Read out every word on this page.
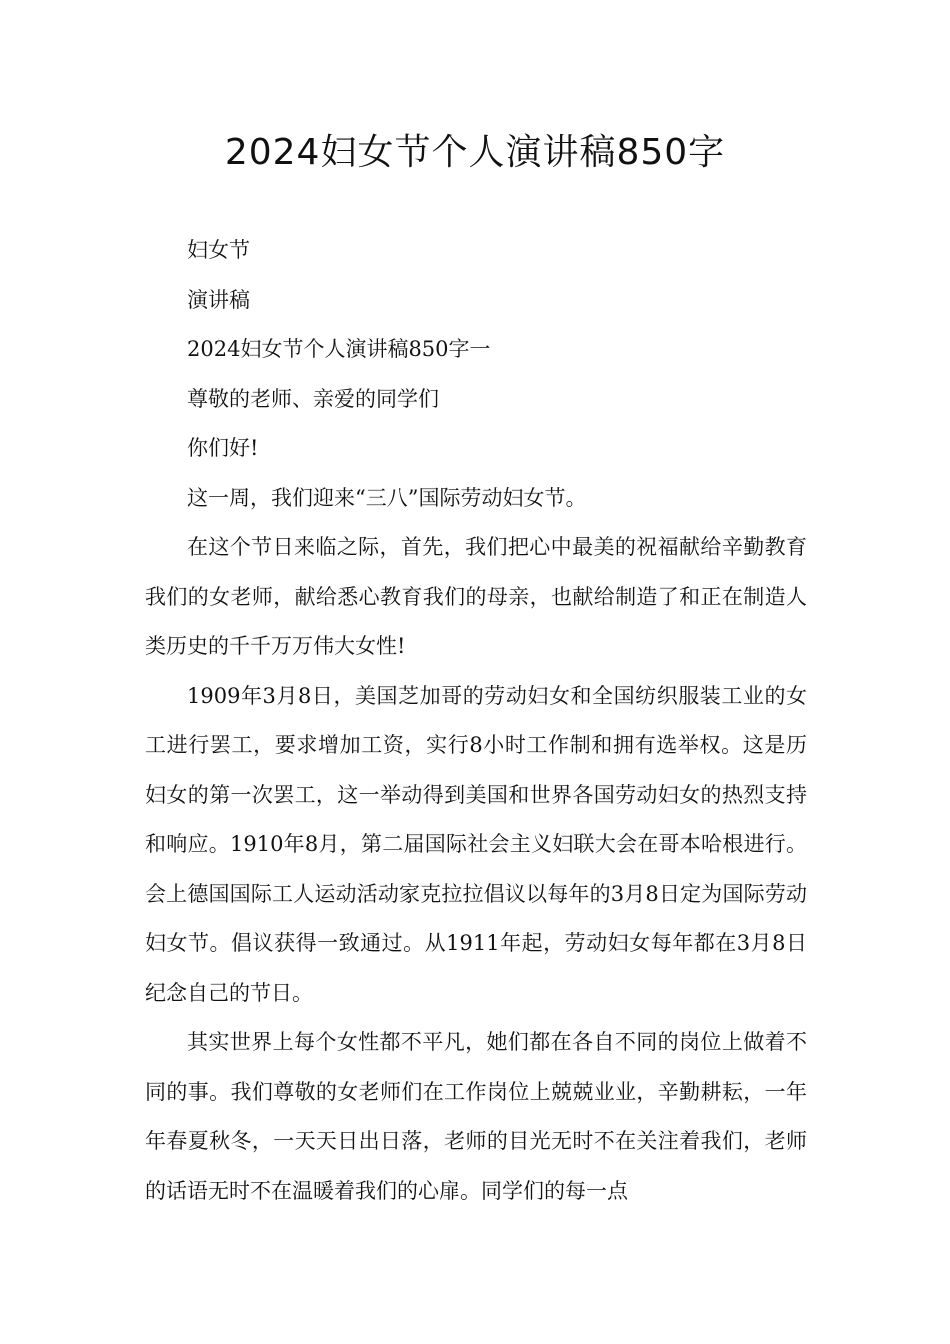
2024妇女节个人演讲稿850字

妇女节

演讲稿

2024妇女节个人演讲稿850字一

尊敬的老师、亲爱的同学们

你们好!

这一周，我们迎来“三八”国际劳动妇女节。

在这个节日来临之际，首先，我们把心中最美的祝福献给辛勤教育我们的女老师，献给悉心教育我们的母亲，也献给制造了和正在制造人类历史的千千万万伟大女性!

1909年3月8日，美国芝加哥的劳动妇女和全国纺织服装工业的女工进行罢工，要求增加工资，实行8小时工作制和拥有选举权。这是历妇女的第一次罢工，这一举动得到美国和世界各国劳动妇女的热烈支持和响应。1910年8月，第二届国际社会主义妇联大会在哥本哈根进行。会上德国国际工人运动活动家克拉拉倡议以每年的3月8日定为国际劳动妇女节。倡议获得一致通过。从1911年起，劳动妇女每年都在3月8日纪念自己的节日。

其实世界上每个女性都不平凡，她们都在各自不同的岗位上做着不同的事。我们尊敬的女老师们在工作岗位上兢兢业业，辛勤耕耘，一年年春夏秋冬，一天天日出日落，老师的目光无时不在关注着我们，老师的话语无时不在温暖着我们的心扉。同学们的每一点
